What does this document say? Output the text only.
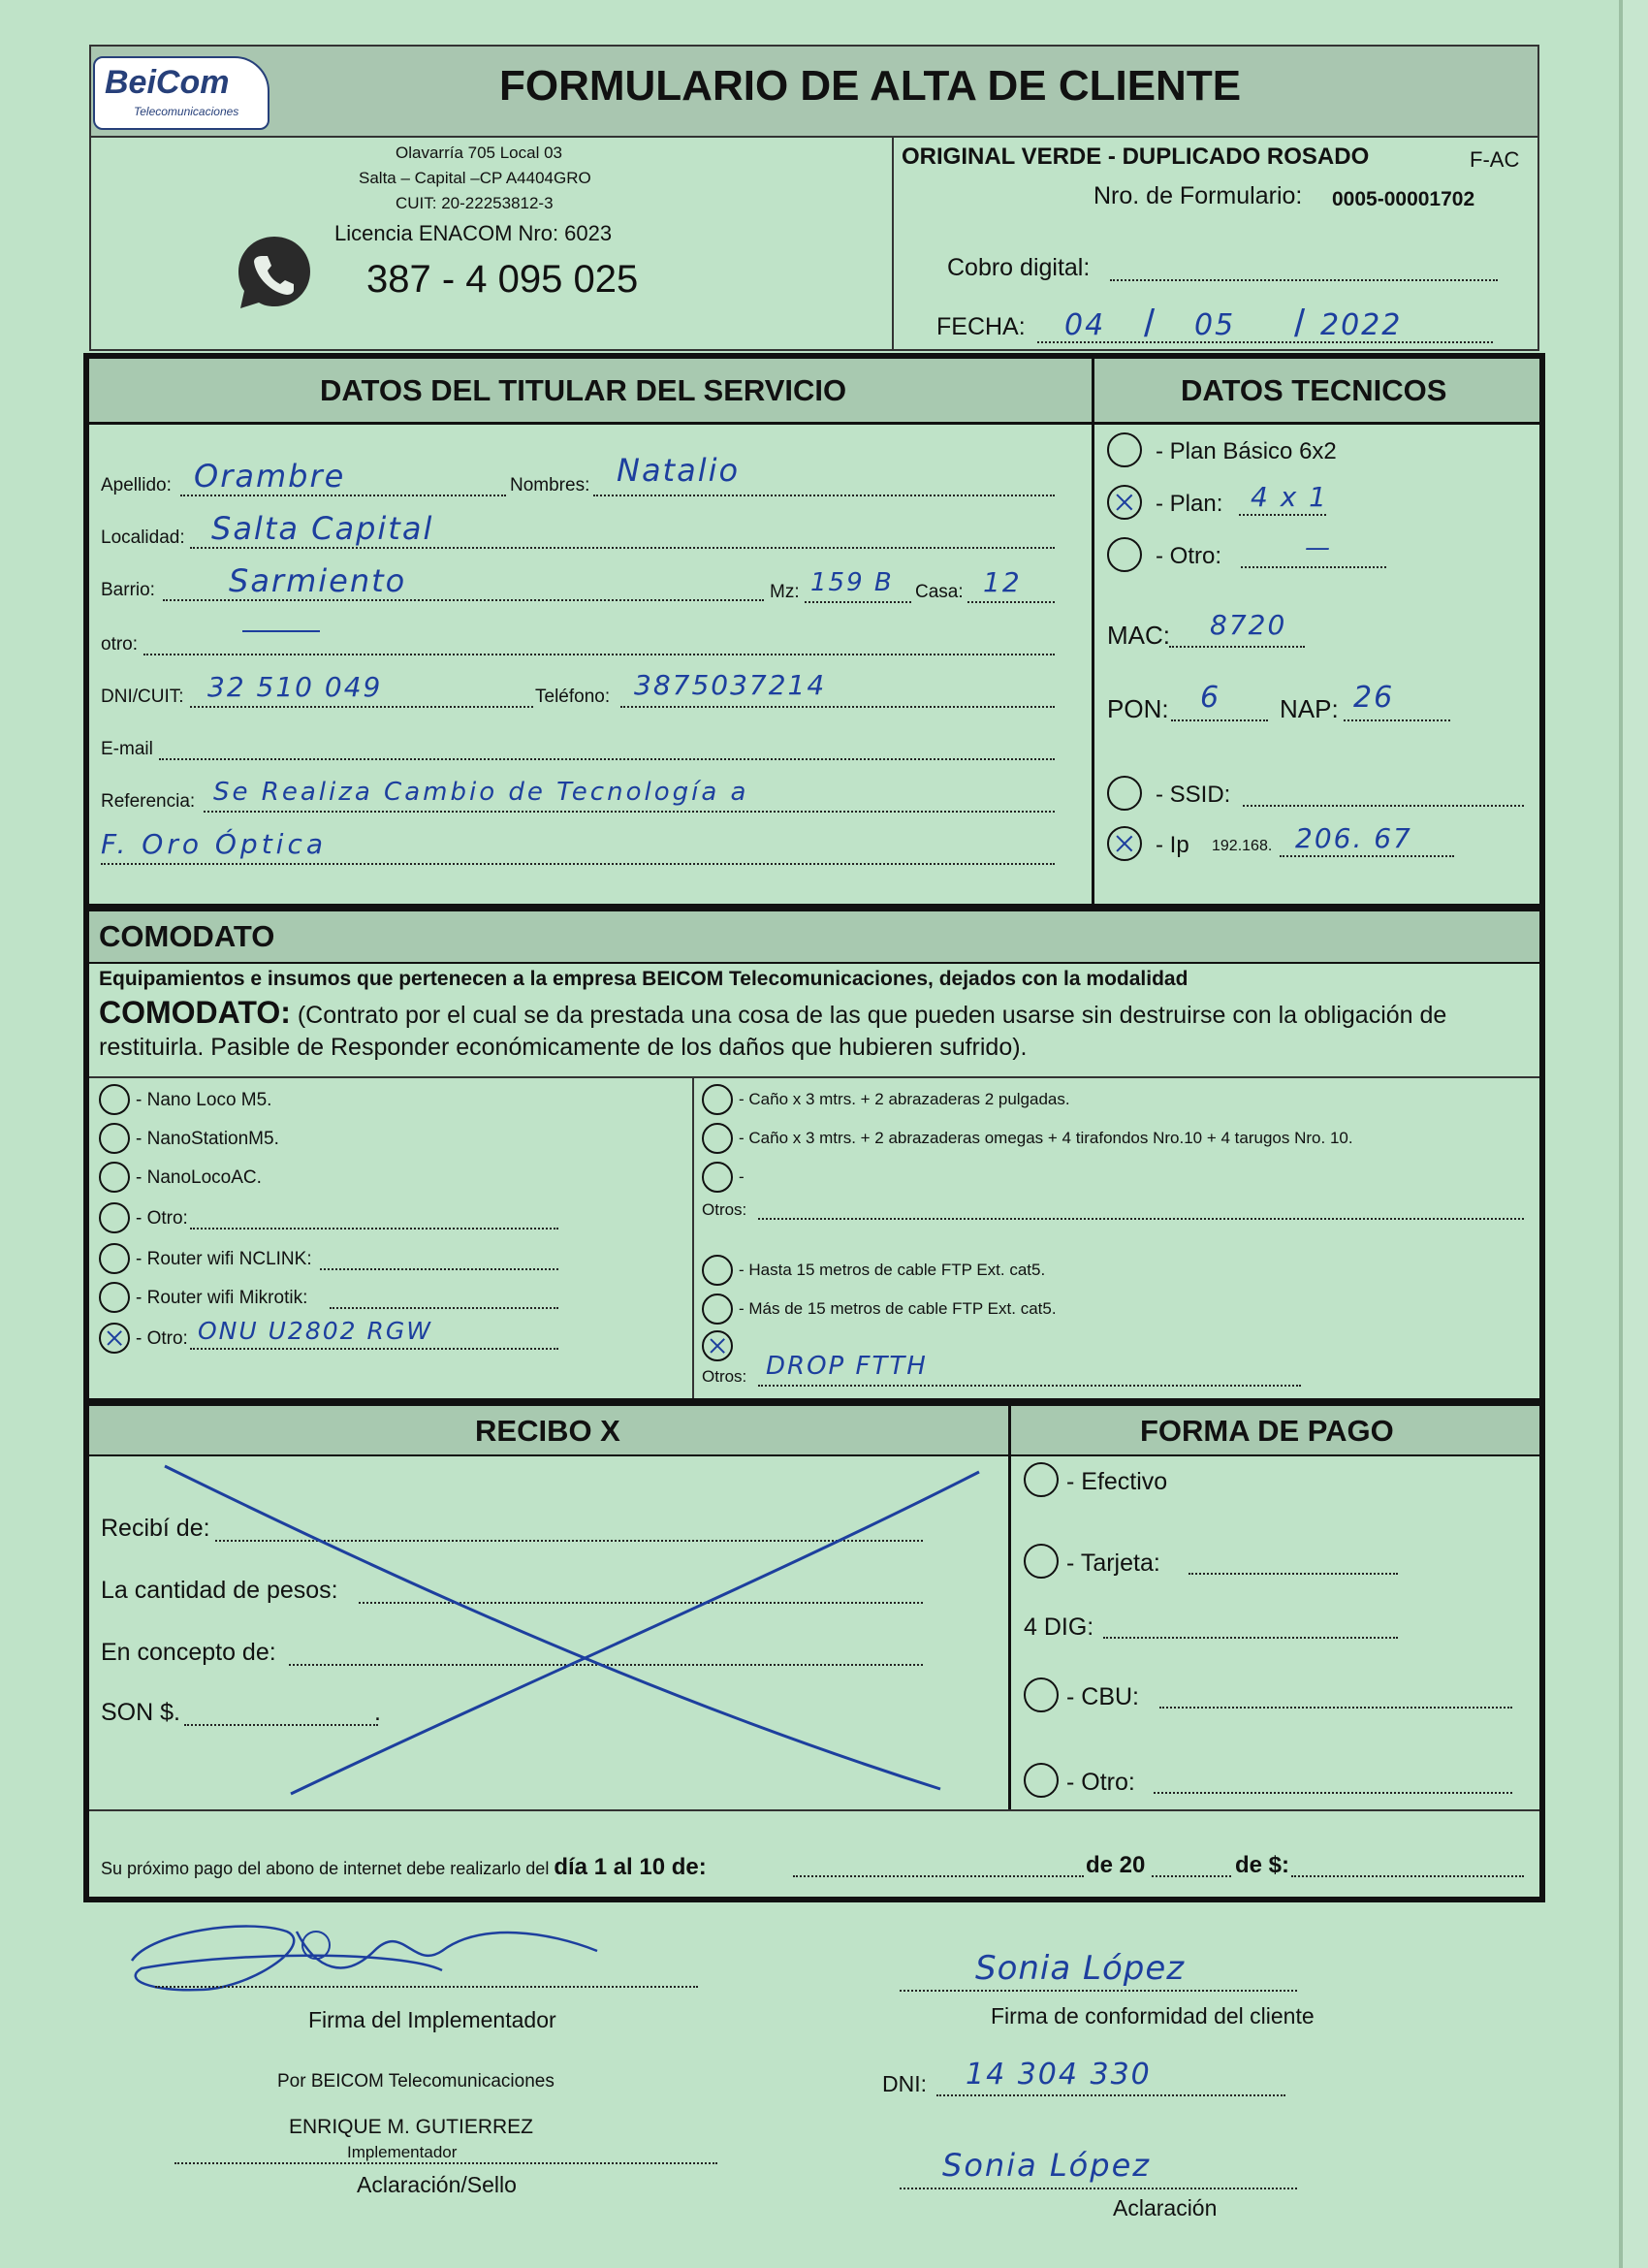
BeiCom
Telecomunicaciones
FORMULARIO DE ALTA DE CLIENTE
Olavarría 705 Local 03
Salta – Capital –CP A4404GRO
CUIT: 20-22253812-3
Licencia ENACOM Nro: 6023
387 - 4 095 025
ORIGINAL VERDE - DUPLICADO ROSADO	F-AC
Nro. de Formulario: 0005-00001702
Cobro digital:
FECHA: 04 / 05 / 2022
DATOS DEL TITULAR DEL SERVICIO	DATOS TECNICOS
Apellido: Orambre	Nombres: Natalio
Localidad: Salta Capital
Barrio: Sarmiento	Mz: 159 B Casa: 12
otro:
DNI/CUIT: 32 510 049	Teléfono: 3875037214
E-mail
Referencia: Se Realiza Cambio de Tecnología a
F. Oro Óptica
- Plan Básico 6x2
- Plan: 4 x 1
- Otro:	—
MAC: 8720
PON: 6 NAP: 26
- SSID:
- Ip 192.168. 206. 67
COMODATO
Equipamientos e insumos que pertenecen a la empresa BEICOM Telecomunicaciones, dejados con la modalidad
COMODATO: (Contrato por el cual se da prestada una cosa de las que pueden usarse sin destruirse con la obligación de restituirla. Pasible de Responder económicamente de los daños que hubieren sufrido).
- Nano Loco M5.
- NanoStationM5.
- NanoLocoAC.
- Otro:
- Router wifi NCLINK:
- Router wifi Mikrotik:
- Otro: ONU U2802 RGW
- Caño x 3 mtrs. + 2 abrazaderas 2 pulgadas.
- Caño x 3 mtrs. + 2 abrazaderas omegas + 4 tirafondos Nro.10 + 4 tarugos Nro. 10.
-
Otros:
- Hasta 15 metros de cable FTP Ext. cat5.
- Más de 15 metros de cable FTP Ext. cat5.
Otros: DROP FTTH
RECIBO X	FORMA DE PAGO
Recibí de:
La cantidad de pesos:
En concepto de:
SON $.	.
- Efectivo
- Tarjeta:
4 DIG:
- CBU:
- Otro:
Su próximo pago del abono de internet debe realizarlo del día 1 al 10 de:	de 20	de $:
Firma del Implementador
Sonia López
Firma de conformidad del cliente
Por BEICOM Telecomunicaciones
ENRIQUE M. GUTIERREZ
Implementador
Aclaración/Sello
DNI: 14 304 330
Sonia López
Aclaración
